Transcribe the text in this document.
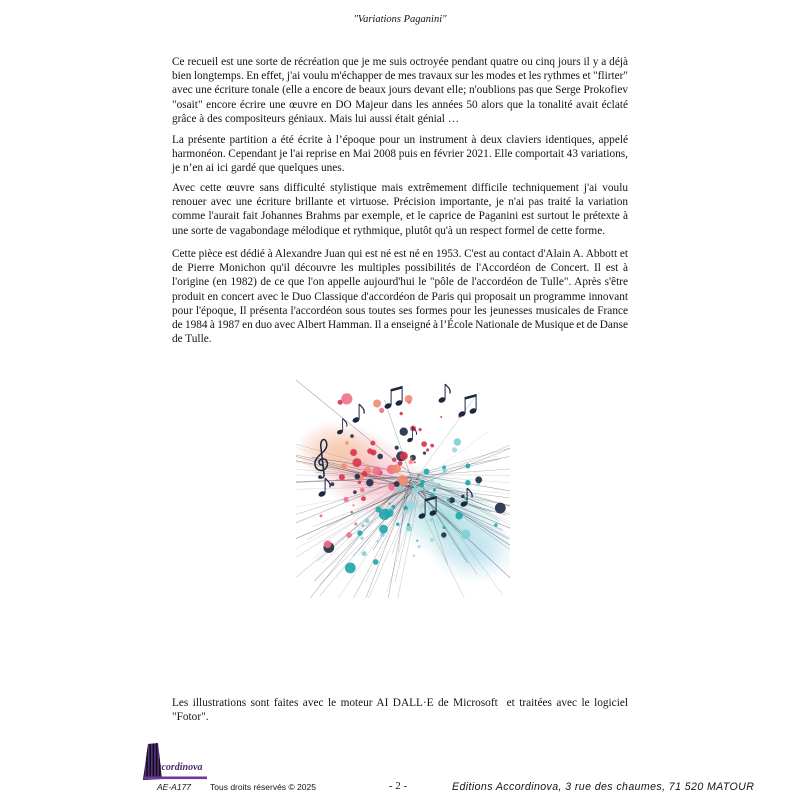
"Variations Paganini"
Ce recueil est une sorte de récréation que je me suis octroyée pendant quatre ou cinq jours il y a déjà
bien longtemps. En effet, j'ai voulu m'échapper de mes travaux sur les modes et les rythmes et "flirter"
avec une écriture tonale (elle a encore de beaux jours devant elle; n'oublions pas que Serge Prokofiev
"osait" encore écrire une œuvre en DO Majeur dans les années 50 alors que la tonalité avait éclaté
grâce à des compositeurs géniaux. Mais lui aussi était génial …
La présente partition a été écrite à l’époque pour un instrument à deux claviers identiques, appelé
harmonéon. Cependant je l'ai reprise en Mai 2008 puis en février 2021. Elle comportait 43 variations,
je n’en ai ici gardé que quelques unes.
Avec cette œuvre sans difficulté stylistique mais extrêmement difficile techniquement j'ai voulu
renouer avec une écriture brillante et virtuose. Précision importante, je n'ai pas traité la variation
comme l'aurait fait Johannes Brahms par exemple, et le caprice de Paganini est surtout le prétexte à
une sorte de vagabondage mélodique et rythmique, plutôt qu'à un respect formel de cette forme.
Cette pièce est dédié à Alexandre Juan qui est né est né en 1953. C'est au contact d'Alain A. Abbott et
de Pierre Monichon qu'il découvre les multiples possibilités de l'Accordéon de Concert. Il est à
l'origine (en 1982) de ce que l'on appelle aujourd'hui le "pôle de l'accordéon de Tulle". Après s'être
produit en concert avec le Duo Classique d'accordéon de Paris qui proposait un programme innovant
pour l'époque, Il présenta l'accordéon sous toutes ses formes pour les jeunesses musicales de France
de 1984 à 1987 en duo avec Albert Hamman. Il a enseigné à l’École Nationale de Musique et de Danse
de Tulle.
Les illustrations sont faites avec le moteur AI DALL·E de Microsoft  et traitées avec le logiciel
"Fotor".
ccordinova
AE-A177 Tous droits réservés © 2025	- 2 -	Editions Accordinova, 3 rue des chaumes, 71 520 MATOUR
